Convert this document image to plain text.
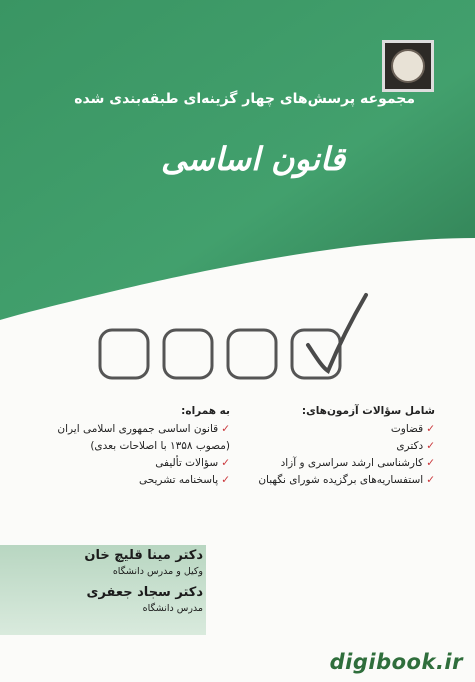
مجموعه پرسش‌های چهار گزینه‌ای طبقه‌بندی شده
قانون اساسی
شامل سؤالات آزمون‌های:
✓قضاوت
✓دکتری
✓کارشناسی ارشد سراسری و آزاد
✓استفساریه‌های برگزیده شورای نگهبان
به همراه:
✓قانون اساسی جمهوری اسلامی ایران
(مصوب ۱۳۵۸ با اصلاحات بعدی)
✓سؤالات تألیفی
✓پاسخنامه تشریحی
دکتر مینا قلیچ خان
وکیل و مدرس دانشگاه
دکتر سجاد جعفری
مدرس دانشگاه
digibook.ir
